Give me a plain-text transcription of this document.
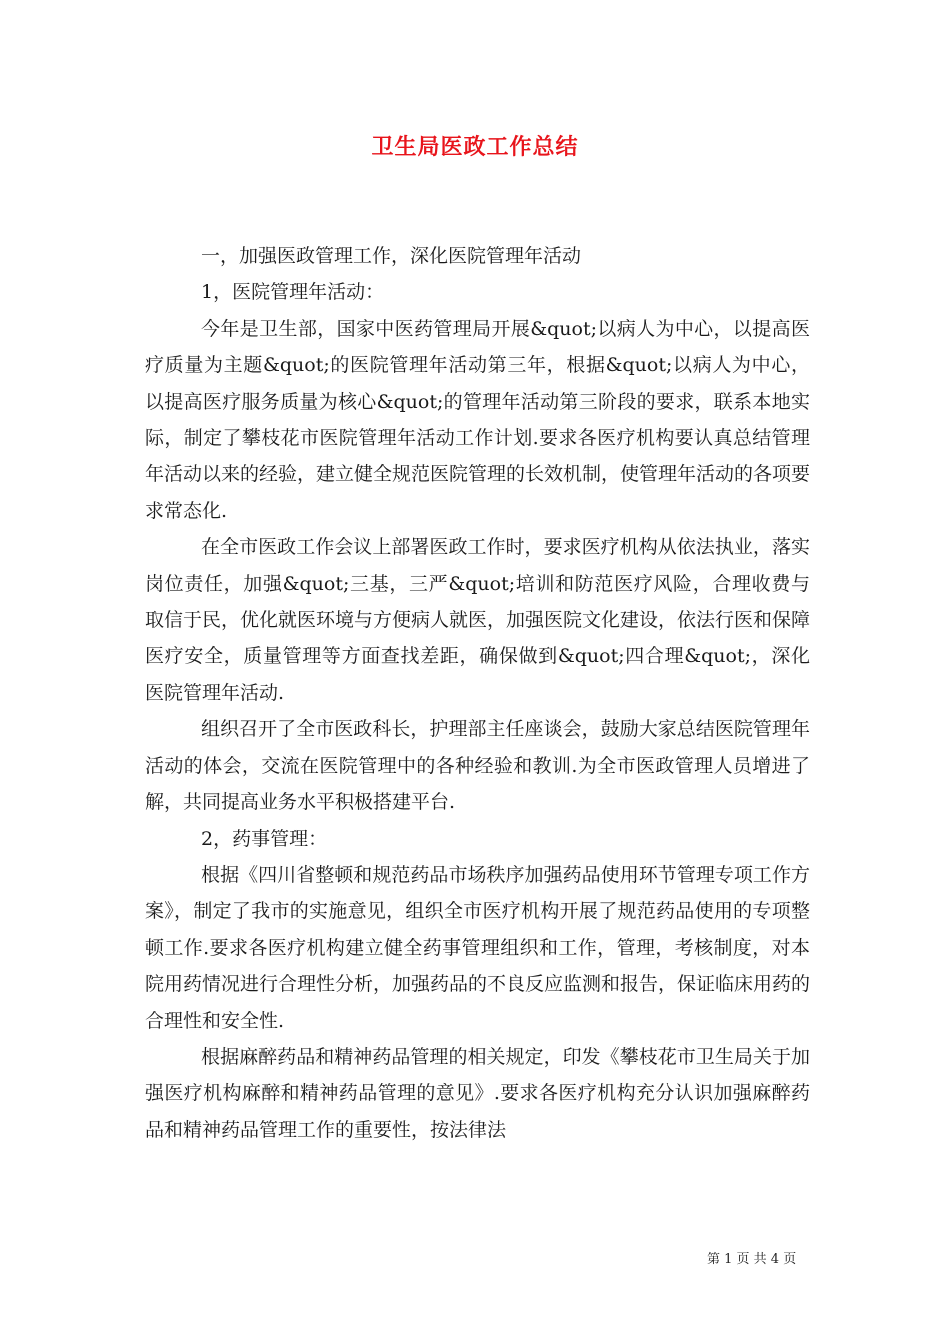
卫生局医政工作总结

一，加强医政管理工作，深化医院管理年活动

1，医院管理年活动：

今年是卫生部，国家中医药管理局开展&quot;以病人为中心，以提高医疗质量为主题&quot;的医院管理年活动第三年，根据&quot;以病人为中心，以提高医疗服务质量为核心&quot;的管理年活动第三阶段的要求，联系本地实际，制定了攀枝花市医院管理年活动工作计划.要求各医疗机构要认真总结管理年活动以来的经验，建立健全规范医院管理的长效机制，使管理年活动的各项要求常态化.

在全市医政工作会议上部署医政工作时，要求医疗机构从依法执业，落实岗位责任，加强&quot;三基，三严&quot;培训和防范医疗风险，合理收费与取信于民，优化就医环境与方便病人就医，加强医院文化建设，依法行医和保障医疗安全，质量管理等方面查找差距，确保做到&quot;四合理&quot;，深化医院管理年活动.

组织召开了全市医政科长，护理部主任座谈会，鼓励大家总结医院管理年活动的体会，交流在医院管理中的各种经验和教训.为全市医政管理人员增进了解，共同提高业务水平积极搭建平台.

2，药事管理：

根据《四川省整顿和规范药品市场秩序加强药品使用环节管理专项工作方案》，制定了我市的实施意见，组织全市医疗机构开展了规范药品使用的专项整顿工作.要求各医疗机构建立健全药事管理组织和工作，管理，考核制度，对本院用药情况进行合理性分析，加强药品的不良反应监测和报告，保证临床用药的合理性和安全性.

根据麻醉药品和精神药品管理的相关规定，印发《攀枝花市卫生局关于加强医疗机构麻醉和精神药品管理的意见》.要求各医疗机构充分认识加强麻醉药品和精神药品管理工作的重要性，按法律法

第 1 页 共 4 页
